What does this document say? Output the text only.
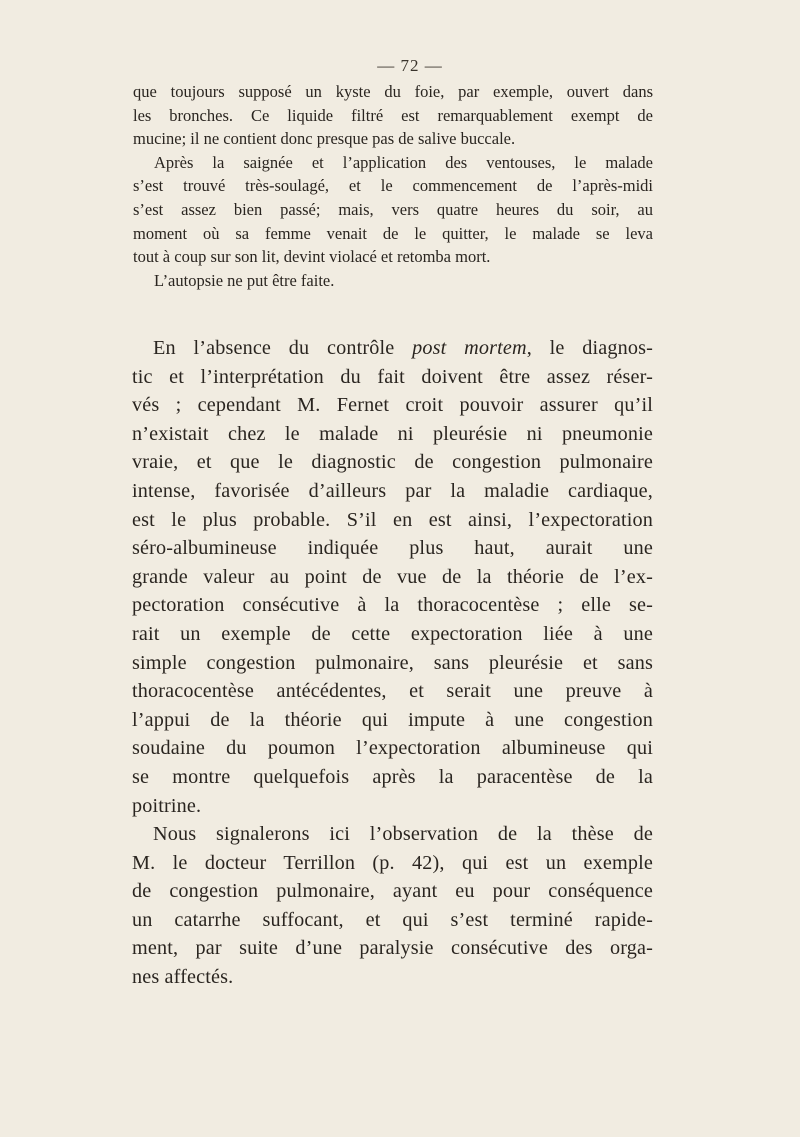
— 72 —
que toujours supposé un kyste du foie, par exemple, ouvert dans
les bronches. Ce liquide filtré est remarquablement exempt de
mucine; il ne contient donc presque pas de salive buccale.
Après la saignée et l’application des ventouses, le malade
s’est trouvé très-soulagé, et le commencement de l’après-midi
s’est assez bien passé; mais, vers quatre heures du soir, au
moment où sa femme venait de le quitter, le malade se leva
tout à coup sur son lit, devint violacé et retomba mort.
L’autopsie ne put être faite.
En l’absence du contrôle post mortem, le diagnos-
tic et l’interprétation du fait doivent être assez réser-
vés ; cependant M. Fernet croit pouvoir assurer qu’il
n’existait chez le malade ni pleurésie ni pneumonie
vraie, et que le diagnostic de congestion pulmonaire
intense, favorisée d’ailleurs par la maladie cardiaque,
est le plus probable. S’il en est ainsi, l’expectoration
séro-albumineuse indiquée plus haut, aurait une
grande valeur au point de vue de la théorie de l’ex-
pectoration consécutive à la thoracocentèse ; elle se-
rait un exemple de cette expectoration liée à une
simple congestion pulmonaire, sans pleurésie et sans
thoracocentèse antécédentes, et serait une preuve à
l’appui de la théorie qui impute à une congestion
soudaine du poumon l’expectoration albumineuse qui
se montre quelquefois après la paracentèse de la
poitrine.
Nous signalerons ici l’observation de la thèse de
M. le docteur Terrillon (p. 42), qui est un exemple
de congestion pulmonaire, ayant eu pour conséquence
un catarrhe suffocant, et qui s’est terminé rapide-
ment, par suite d’une paralysie consécutive des orga-
nes affectés.
